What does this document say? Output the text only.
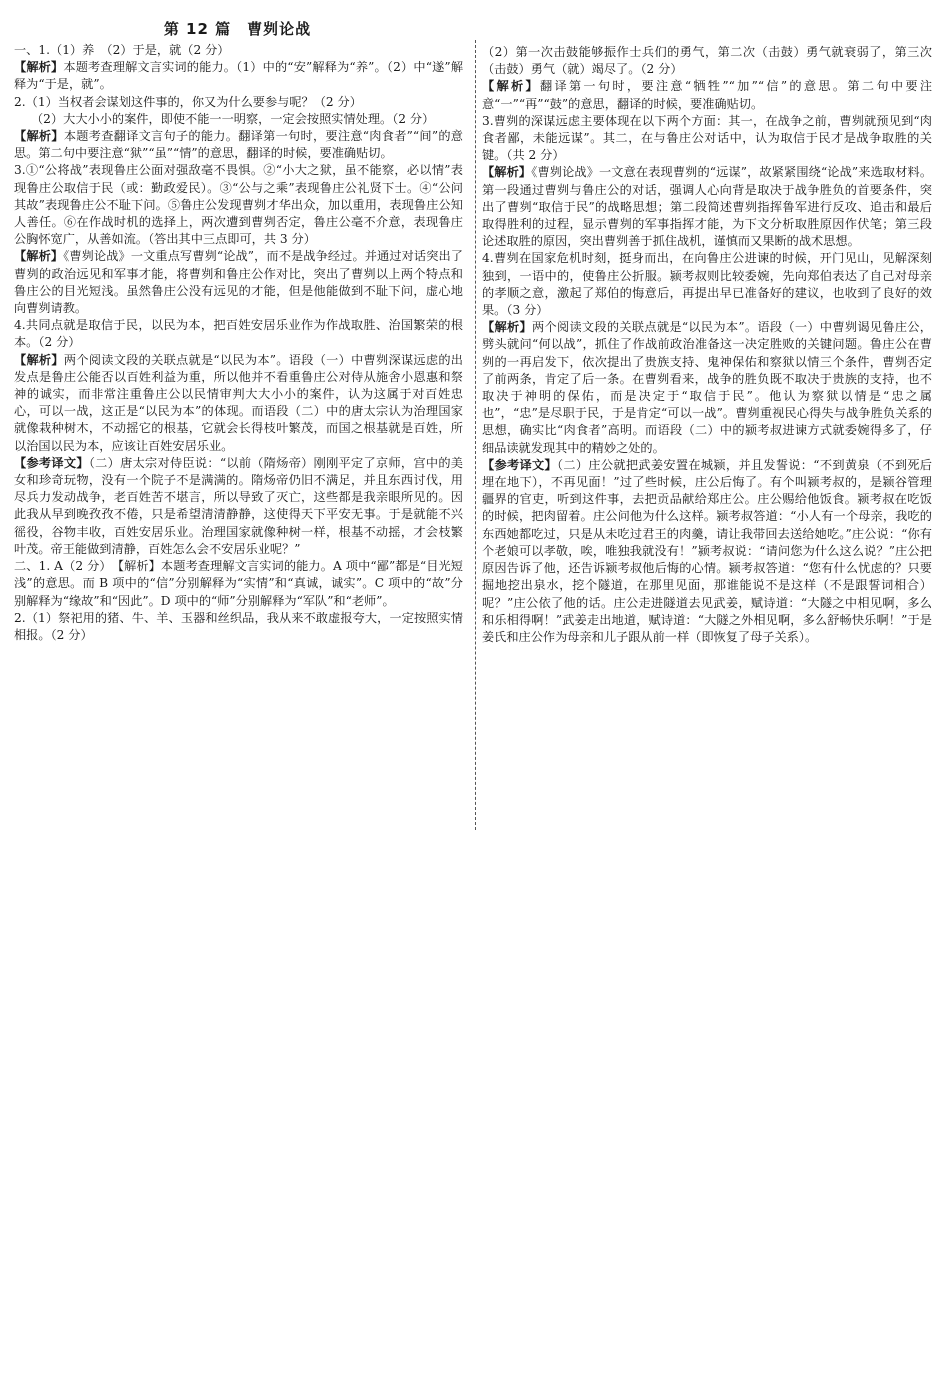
第 12 篇　曹刿论战

一、1.（1）养　（2）于是，就（2 分）

【解析】本题考查理解文言实词的能力。（1）中的“安”解释为“养”。（2）中“遂”解释为“于是，就”。

2.（1）当权者会谋划这件事的，你又为什么要参与呢？（2 分）

（2）大大小小的案件，即使不能一一明察，一定会按照实情处理。（2 分）

【解析】本题考查翻译文言句子的能力。翻译第一句时，要注意“肉食者”“间”的意思。第二句中要注意“狱”“虽”“情”的意思，翻译的时候，要准确贴切。

3.①“公将战”表现鲁庄公面对强敌毫不畏惧。②“小大之狱，虽不能察，必以情”表现鲁庄公取信于民（或：勤政爱民）。③“公与之乘”表现鲁庄公礼贤下士。④“公问其故”表现鲁庄公不耻下问。⑤鲁庄公发现曹刿才华出众，加以重用，表现鲁庄公知人善任。⑥在作战时机的选择上，两次遭到曹刿否定，鲁庄公毫不介意，表现鲁庄公胸怀宽广，从善如流。（答出其中三点即可，共 3 分）

【解析】《曹刿论战》一文重点写曹刿“论战”，而不是战争经过。并通过对话突出了曹刿的政治远见和军事才能，将曹刿和鲁庄公作对比，突出了曹刿以上两个特点和鲁庄公的目光短浅。虽然鲁庄公没有远见的才能，但是他能做到不耻下问，虚心地向曹刿请教。

4.共同点就是取信于民，以民为本，把百姓安居乐业作为作战取胜、治国繁荣的根本。（2 分）

【解析】两个阅读文段的关联点就是“以民为本”。语段（一）中曹刿深谋远虑的出发点是鲁庄公能否以百姓利益为重，所以他并不看重鲁庄公对侍从施舍小恩惠和祭神的诚实，而非常注重鲁庄公以民情审判大大小小的案件，认为这属于对百姓忠心，可以一战，这正是“以民为本”的体现。而语段（二）中的唐太宗认为治理国家就像栽种树木，不动摇它的根基，它就会长得枝叶繁茂，而国之根基就是百姓，所以治国以民为本，应该让百姓安居乐业。

【参考译文】（二）唐太宗对侍臣说：“以前（隋炀帝）刚刚平定了京师，宫中的美女和珍奇玩物，没有一个院子不是满满的。隋炀帝仍旧不满足，并且东西讨伐，用尽兵力发动战争，老百姓苦不堪言，所以导致了灭亡，这些都是我亲眼所见的。因此我从早到晚孜孜不倦，只是希望清清静静，这使得天下平安无事。于是就能不兴徭役，谷物丰收，百姓安居乐业。治理国家就像种树一样，根基不动摇，才会枝繁叶茂。帝王能做到清静，百姓怎么会不安居乐业呢？”

二、1. A（2 分）　【解析】本题考查理解文言实词的能力。A 项中“鄙”都是“目光短浅”的意思。而 B 项中的“信”分别解释为“实情”和“真诚，诚实”。C 项中的“故”分别解释为“缘故”和“因此”。D 项中的“师”分别解释为“军队”和“老师”。

2.（1）祭祀用的猪、牛、羊、玉器和丝织品，我从来不敢虚报夸大，一定按照实情相报。（2 分）

（2）第一次击鼓能够振作士兵们的勇气，第二次（击鼓）勇气就衰弱了，第三次（击鼓）勇气（就）竭尽了。（2 分）

【解析】翻译第一句时，要注意“牺牲”“加”“信”的意思。第二句中要注意“一”“再”“鼓”的意思，翻译的时候，要准确贴切。

3.曹刿的深谋远虑主要体现在以下两个方面：其一，在战争之前，曹刿就预见到“肉食者鄙，未能远谋”。其二，在与鲁庄公对话中，认为取信于民才是战争取胜的关键。（共 2 分）

【解析】《曹刿论战》一文意在表现曹刿的“远谋”，故紧紧围绕“论战”来选取材料。第一段通过曹刿与鲁庄公的对话，强调人心向背是取决于战争胜负的首要条件，突出了曹刿“取信于民”的战略思想；第二段简述曹刿指挥鲁军进行反攻、追击和最后取得胜利的过程，显示曹刿的军事指挥才能，为下文分析取胜原因作伏笔；第三段论述取胜的原因，突出曹刿善于抓住战机，谨慎而又果断的战术思想。

4.曹刿在国家危机时刻，挺身而出，在向鲁庄公进谏的时候，开门见山，见解深刻独到，一语中的，使鲁庄公折服。颍考叔则比较委婉，先向郑伯表达了自己对母亲的孝顺之意，激起了郑伯的悔意后，再提出早已准备好的建议，也收到了良好的效果。（3 分）

【解析】两个阅读文段的关联点就是“以民为本”。语段（一）中曹刿谒见鲁庄公，劈头就问“何以战”，抓住了作战前政治准备这一决定胜败的关键问题。鲁庄公在曹刿的一再启发下，依次提出了贵族支持、鬼神保佑和察狱以情三个条件，曹刿否定了前两条，肯定了后一条。在曹刿看来，战争的胜负既不取决于贵族的支持，也不取决于神明的保佑，而是决定于“取信于民”。他认为察狱以情是“忠之属也”，“忠”是尽职于民，于是肯定“可以一战”。曹刿重视民心得失与战争胜负关系的思想，确实比“肉食者”高明。而语段（二）中的颍考叔进谏方式就委婉得多了，仔细品读就发现其中的精妙之处的。

【参考译文】（二）庄公就把武姜安置在城颍，并且发誓说：“不到黄泉（不到死后埋在地下），不再见面！”过了些时候，庄公后悔了。有个叫颍考叔的，是颍谷管理疆界的官吏，听到这件事，去把贡品献给郑庄公。庄公赐给他饭食。颍考叔在吃饭的时候，把肉留着。庄公问他为什么这样。颍考叔答道：“小人有一个母亲，我吃的东西她都吃过，只是从未吃过君王的肉羹，请让我带回去送给她吃。”庄公说：“你有个老娘可以孝敬，唉，唯独我就没有！”颍考叔说：“请问您为什么这么说？”庄公把原因告诉了他，还告诉颍考叔他后悔的心情。颍考叔答道：“您有什么忧虑的？只要掘地挖出泉水，挖个隧道，在那里见面，那谁能说不是这样（不是跟誓词相合）呢？”庄公依了他的话。庄公走进隧道去见武姜，赋诗道：“大隧之中相见啊，多么和乐相得啊！”武姜走出地道，赋诗道：“大隧之外相见啊，多么舒畅快乐啊！”于是姜氏和庄公作为母亲和儿子跟从前一样（即恢复了母子关系）。
